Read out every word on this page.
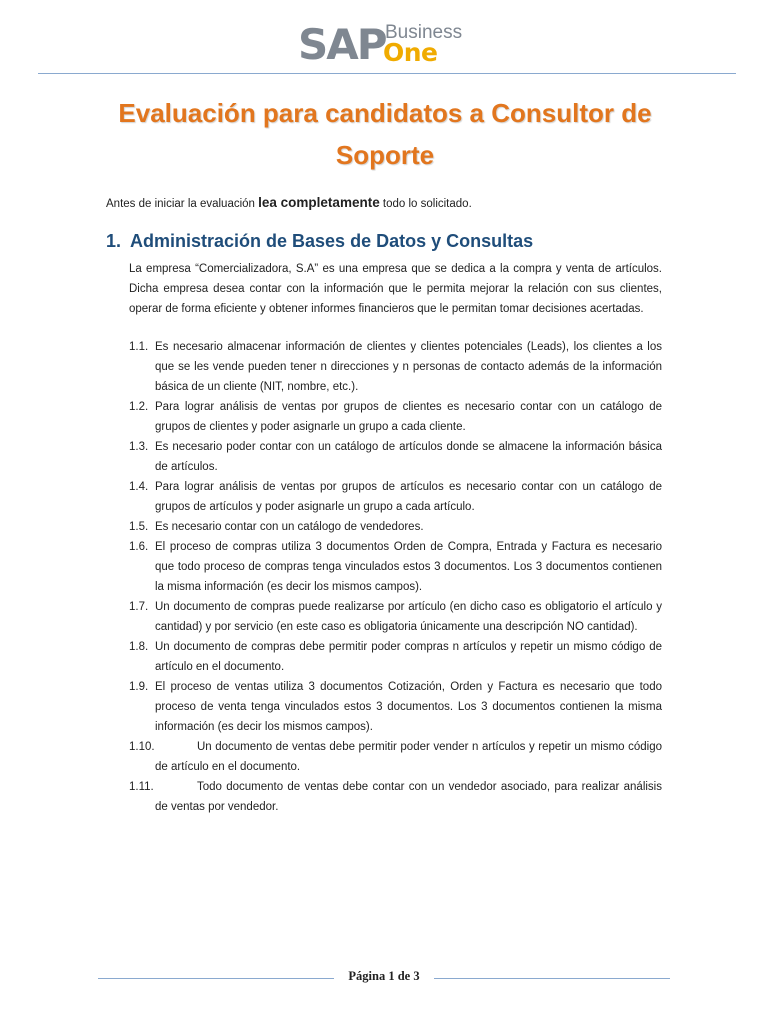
SAP Business
One
Evaluación para candidatos a Consultor de Soporte
Antes de iniciar la evaluación lea completamente todo lo solicitado.
1. Administración de Bases de Datos y Consultas
La empresa “Comercializadora, S.A” es una empresa que se dedica a la compra y venta de artículos. Dicha empresa desea contar con la información que le permita mejorar la relación con sus clientes, operar de forma eficiente y obtener informes financieros que le permitan tomar decisiones acertadas.
1.1. Es necesario almacenar información de clientes y clientes potenciales (Leads), los clientes a los que se les vende pueden tener n direcciones y n personas de contacto además de la información básica de un cliente (NIT, nombre, etc.).
1.2. Para lograr análisis de ventas por grupos de clientes es necesario contar con un catálogo de grupos de clientes y poder asignarle un grupo a cada cliente.
1.3. Es necesario poder contar con un catálogo de artículos donde se almacene la información básica de artículos.
1.4. Para lograr análisis de ventas por grupos de artículos es necesario contar con un catálogo de grupos de artículos y poder asignarle un grupo a cada artículo.
1.5. Es necesario contar con un catálogo de vendedores.
1.6. El proceso de compras utiliza 3 documentos Orden de Compra, Entrada y Factura es necesario que todo proceso de compras tenga vinculados estos 3 documentos. Los 3 documentos contienen la misma información (es decir los mismos campos).
1.7. Un documento de compras puede realizarse por artículo (en dicho caso es obligatorio el artículo y cantidad) y por servicio (en este caso es obligatoria únicamente una descripción NO cantidad).
1.8. Un documento de compras debe permitir poder compras n artículos y repetir un mismo código de artículo en el documento.
1.9. El proceso de ventas utiliza 3 documentos Cotización, Orden y Factura es necesario que todo proceso de venta tenga vinculados estos 3 documentos. Los 3 documentos contienen la misma información (es decir los mismos campos).
1.10.	Un documento de ventas debe permitir poder vender n artículos y repetir un mismo código de artículo en el documento.
1.11.	Todo documento de ventas debe contar con un vendedor asociado, para realizar análisis de ventas por vendedor.
Página 1 de 3
